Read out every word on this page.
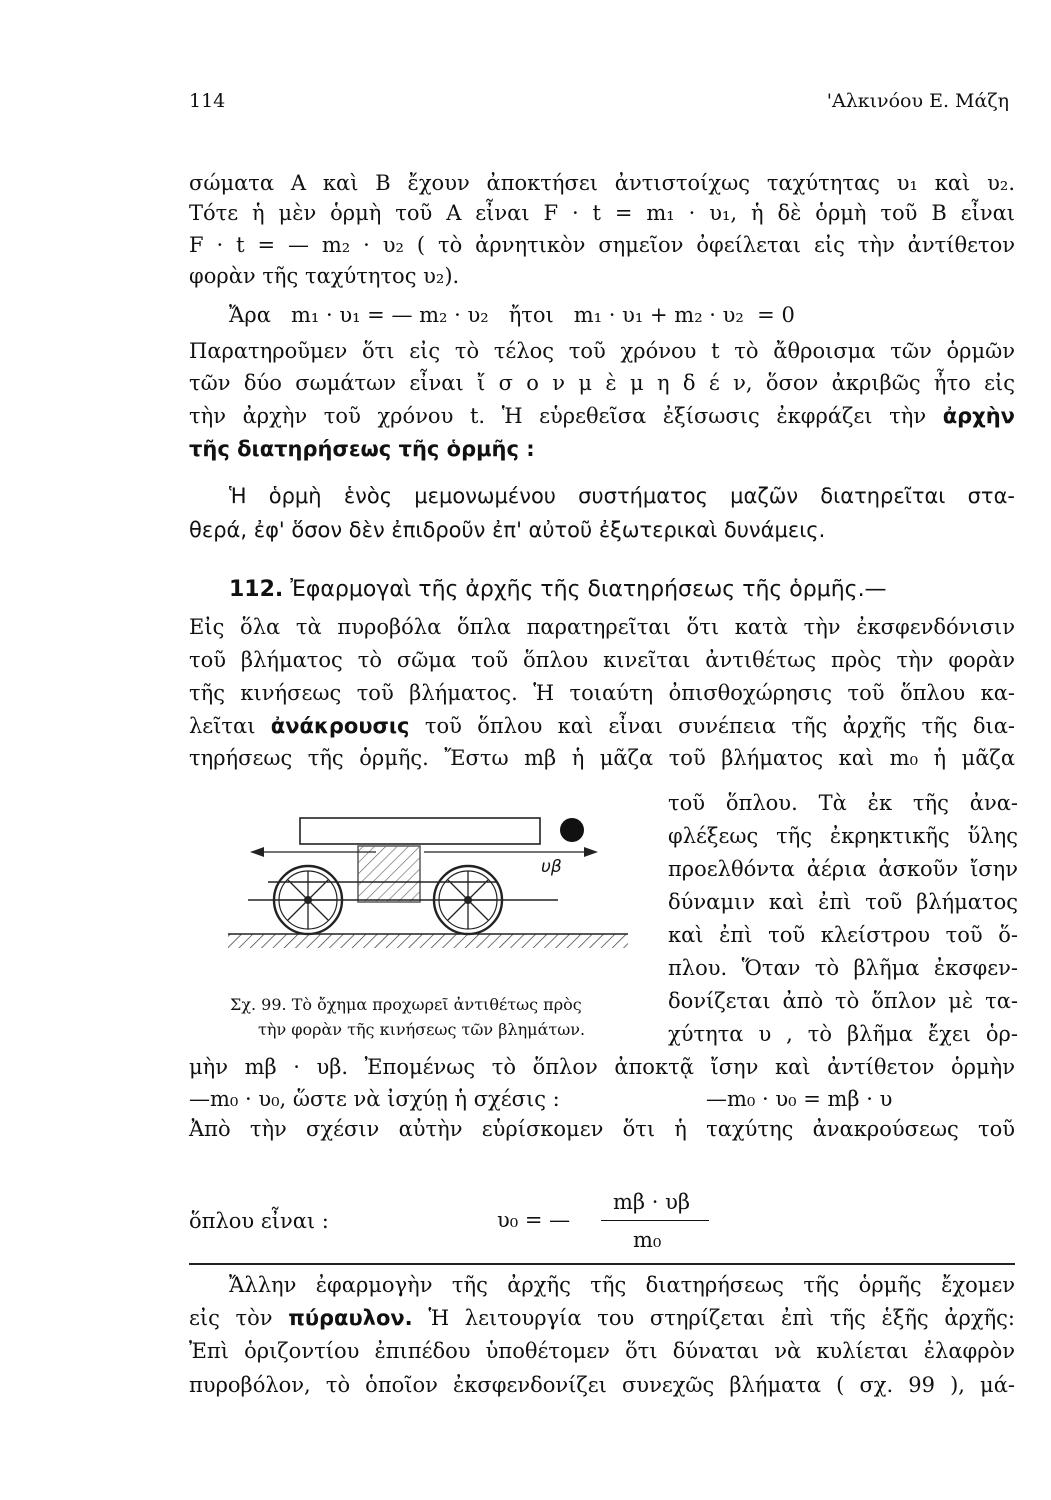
114	'Αλκινόου Ε. Μάζη
σώματα Α καὶ Β ἔχουν ἀποκτήσει ἀντιστοίχως ταχύτητας υ₁ καὶ υ₂.
Τότε ἡ μὲν ὁρμὴ τοῦ Α εἶναι F · t = m₁ · υ₁, ἡ δὲ ὁρμὴ τοῦ Β εἶναι
F · t = — m₂ · υ₂ ( τὸ ἀρνητικὸν σημεῖον ὀφείλεται εἰς τὴν ἀντίθετον
φορὰν τῆς ταχύτητος υ₂).
Ἄρα   m₁ · υ₁ = — m₂ · υ₂   ἤτοι   m₁ · υ₁ + m₂ · υ₂  = 0
Παρατηροῦμεν ὅτι εἰς τὸ τέλος τοῦ χρόνου t τὸ ἄθροισμα τῶν ὁρμῶν
τῶν δύο σωμάτων εἶναι ἴ σ ο ν μ ὲ μ η δ έ ν, ὅσον ἀκριβῶς ἦτο εἰς
τὴν ἀρχὴν τοῦ χρόνου t. Ἡ εὑρεθεῖσα ἐξίσωσις ἐκφράζει τὴν ἀρχὴν
τῆς διατηρήσεως τῆς ὁρμῆς :
Ἡ ὁρμὴ ἑνὸς μεμονωμένου συστήματος μαζῶν διατηρεῖται στα-
θερά, ἐφ' ὅσον δὲν ἐπιδροῦν ἐπ' αὐτοῦ ἐξωτερικαὶ δυνάμεις.
112. Ἐφαρμογαὶ τῆς ἀρχῆς τῆς διατηρήσεως τῆς ὁρμῆς.—
Εἰς ὅλα τὰ πυροβόλα ὅπλα παρατηρεῖται ὅτι κατὰ τὴν ἐκσφενδόνισιν
τοῦ βλήματος τὸ σῶμα τοῦ ὅπλου κινεῖται ἀντιθέτως πρὸς τὴν φορὰν
τῆς κινήσεως τοῦ βλήματος. Ἡ τοιαύτη ὀπισθοχώρησις τοῦ ὅπλου κα-
λεῖται ἀνάκρουσις τοῦ ὅπλου καὶ εἶναι συνέπεια τῆς ἀρχῆς τῆς δια-
τηρήσεως τῆς ὁρμῆς. Ἔστω mβ ἡ μᾶζα τοῦ βλήματος καὶ m₀ ἡ μᾶζα
τοῦ ὅπλου. Τὰ ἐκ τῆς ἀνα-
φλέξεως τῆς ἐκρηκτικῆς ὕλης
προελθόντα ἀέρια ἀσκοῦν ἴσην
δύναμιν καὶ ἐπὶ τοῦ βλήματος
καὶ ἐπὶ τοῦ κλείστρου τοῦ ὅ-
πλου. Ὅταν τὸ βλῆμα ἐκσφεν-
δονίζεται ἀπὸ τὸ ὅπλον μὲ τα-
χύτητα υ , τὸ βλῆμα ἔχει ὁρ-
υβ
Σχ. 99. Τὸ ὄχημα προχωρεῖ ἀντιθέτως πρὸς
τὴν φορὰν τῆς κινήσεως τῶν βλημάτων.
μὴν mβ · υβ. Ἐπομένως τὸ ὅπλον ἀποκτᾷ ἴσην καὶ ἀντίθετον ὁρμὴν
—m₀ · υ₀, ὥστε νὰ ἰσχύῃ ἡ σχέσις :	—m₀ · υ₀ = mβ · υ
Ἀπὸ τὴν σχέσιν αὐτὴν εὑρίσκομεν ὅτι ἡ ταχύτης ἀνακρούσεως τοῦ
ὅπλου εἶναι :	υ₀ = —
mβ · υβ
m₀
Ἄλλην ἐφαρμογὴν τῆς ἀρχῆς τῆς διατηρήσεως τῆς ὁρμῆς ἔχομεν
εἰς τὸν πύραυλον. Ἡ λειτουργία του στηρίζεται ἐπὶ τῆς ἑξῆς ἀρχῆς:
Ἐπὶ ὁριζοντίου ἐπιπέδου ὑποθέτομεν ὅτι δύναται νὰ κυλίεται ἐλαφρὸν
πυροβόλον, τὸ ὁποῖον ἐκσφενδονίζει συνεχῶς βλήματα ( σχ. 99 ), μά-
